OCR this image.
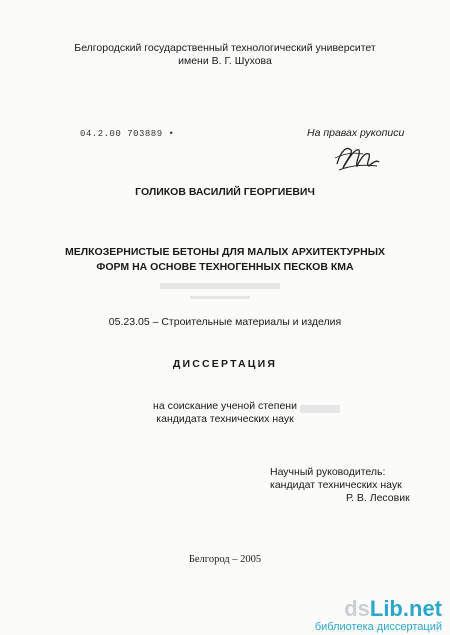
Белгородский государственный технологический университет
имени В. Г. Шухова
04.2.00 703889 •	На правах рукописи
ГОЛИКОВ ВАСИЛИЙ ГЕОРГИЕВИЧ
МЕЛКОЗЕРНИСТЫЕ БЕТОНЫ ДЛЯ МАЛЫХ АРХИТЕКТУРНЫХ
ФОРМ НА ОСНОВЕ ТЕХНОГЕННЫХ ПЕСКОВ КМА
05.23.05 – Строительные материалы и изделия
ДИССЕРТАЦИЯ
на соискание ученой степени
кандидата технических наук
Научный руководитель:
кандидат технических наук
Р. В. Лесовик
Белгород – 2005
dsLib.net
библиотека диссертаций
